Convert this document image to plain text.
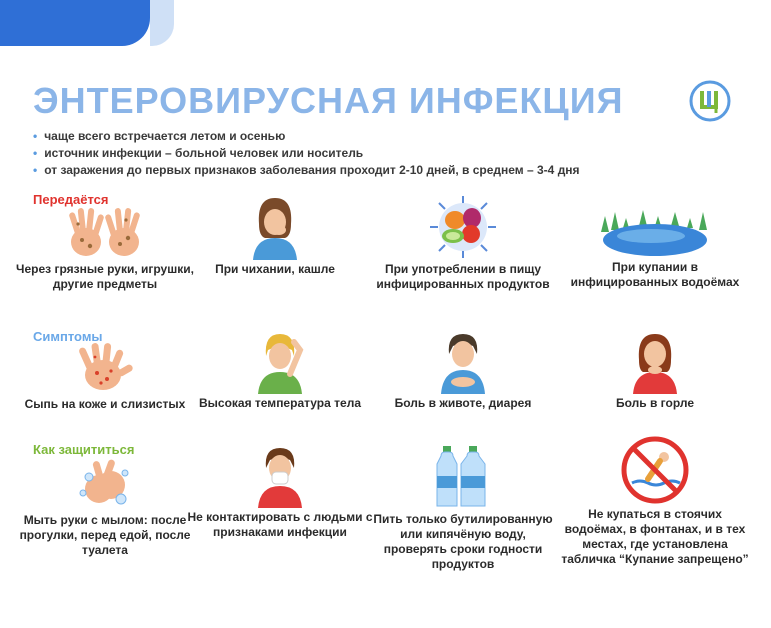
ЭНТЕРОВИРУСНАЯ ИНФЕКЦИЯ
• чаще всего встречается летом и осенью
• источник инфекции – больной человек или носитель
• от заражения до первых признаков заболевания проходит 2-10 дней, в среднем – 3-4 дня
Передаётся
Через грязные руки, игрушки, другие предметы
При чихании, кашле	При употреблении в пищу инфицированных продуктов
При купании в инфицированных водоёмах
Симптомы
Сыпь на коже и слизистых	Высокая температура тела	Боль в животе, диарея	Боль в горле
Как защититься
Мыть руки с мылом: после прогулки, перед едой, после туалета
Не контактировать с людьми с признаками инфекции
Пить только бутилированную или кипячёную воду, проверять сроки годности продуктов
Не купаться в стоячих водоёмах, в фонтанах, и в тех местах, где установлена табличка “Купание запрещено”
